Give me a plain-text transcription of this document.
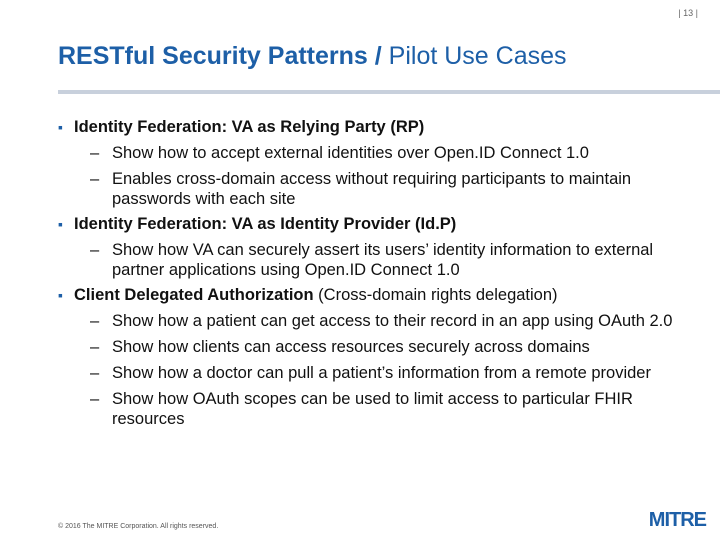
| 13 |
RESTful Security Patterns / Pilot Use Cases
▪ Identity Federation: VA as Relying Party (RP)
– Show how to accept external identities over Open.ID Connect 1.0
– Enables cross-domain access without requiring participants to maintain passwords with each site
▪ Identity Federation: VA as Identity Provider (Id.P)
– Show how VA can securely assert its users’ identity information to external partner applications using Open.ID Connect 1.0
▪ Client Delegated Authorization (Cross-domain rights delegation)
– Show how a patient can get access to their record in an app using OAuth 2.0
– Show how clients can access resources securely across domains
– Show how a doctor can pull a patient’s information from a remote provider
– Show how OAuth scopes can be used to limit access to particular FHIR resources
© 2016 The MITRE Corporation. All rights reserved.	MITRE
